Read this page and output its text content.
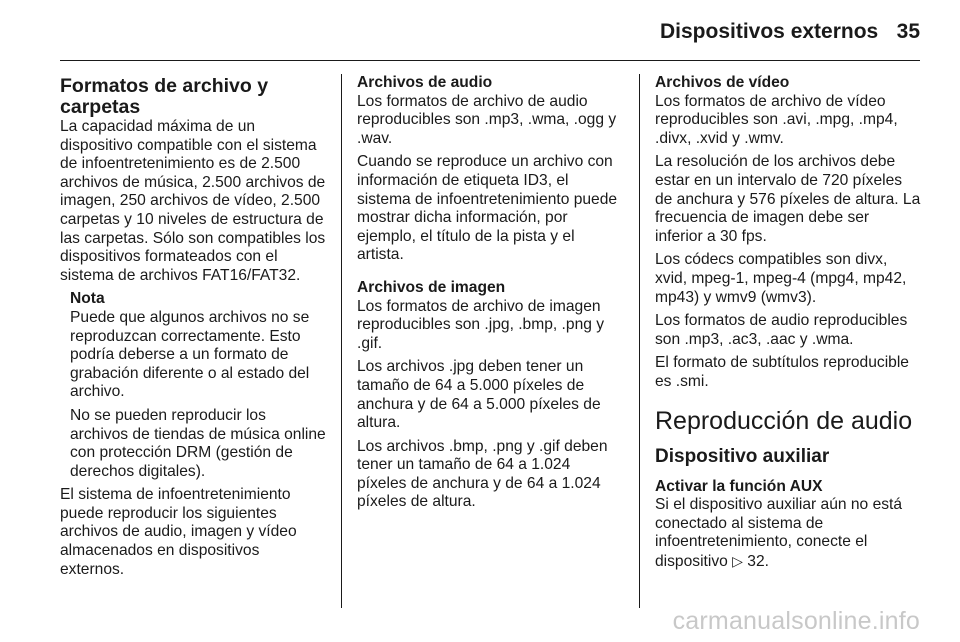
Dispositivos externos 35
Formatos de archivo y carpetas

La capacidad máxima de un dispositivo compatible con el sistema de infoentretenimiento es de 2.500 archivos de música, 2.500 archivos de imagen, 250 archivos de vídeo, 2.500 carpetas y 10 niveles de estructura de las carpetas. Sólo son compatibles los dispositivos formateados con el sistema de archivos FAT16/FAT32.

Nota

Puede que algunos archivos no se reproduzcan correctamente. Esto podría deberse a un formato de grabación diferente o al estado del archivo.

No se pueden reproducir los archivos de tiendas de música online con protección DRM (gestión de derechos digitales).

El sistema de infoentretenimiento puede reproducir los siguientes archivos de audio, imagen y vídeo almacenados en dispositivos externos.

Archivos de audio

Los formatos de archivo de audio reproducibles son .mp3, .wma, .ogg y .wav.

Cuando se reproduce un archivo con información de etiqueta ID3, el sistema de infoentretenimiento puede mostrar dicha información, por ejemplo, el título de la pista y el artista.

Archivos de imagen

Los formatos de archivo de imagen reproducibles son .jpg, .bmp, .png y .gif.

Los archivos .jpg deben tener un tamaño de 64 a 5.000 píxeles de anchura y de 64 a 5.000 píxeles de altura.

Los archivos .bmp, .png y .gif deben tener un tamaño de 64 a 1.024 píxeles de anchura y de 64 a 1.024 píxeles de altura.

Archivos de vídeo

Los formatos de archivo de vídeo reproducibles son .avi, .mpg, .mp4, .divx, .xvid y .wmv.

La resolución de los archivos debe estar en un intervalo de 720 píxeles de anchura y 576 píxeles de altura. La frecuencia de imagen debe ser inferior a 30 fps.

Los códecs compatibles son divx, xvid, mpeg-1, mpeg-4 (mpg4, mp42, mp43) y wmv9 (wmv3).

Los formatos de audio reproducibles son .mp3, .ac3, .aac y .wma.

El formato de subtítulos reproducible es .smi.

Reproducción de audio
Dispositivo auxiliar

Activar la función AUX

Si el dispositivo auxiliar aún no está conectado al sistema de infoentretenimiento, conecte el dispositivo ▷ 32.

carmanualsonline.info
